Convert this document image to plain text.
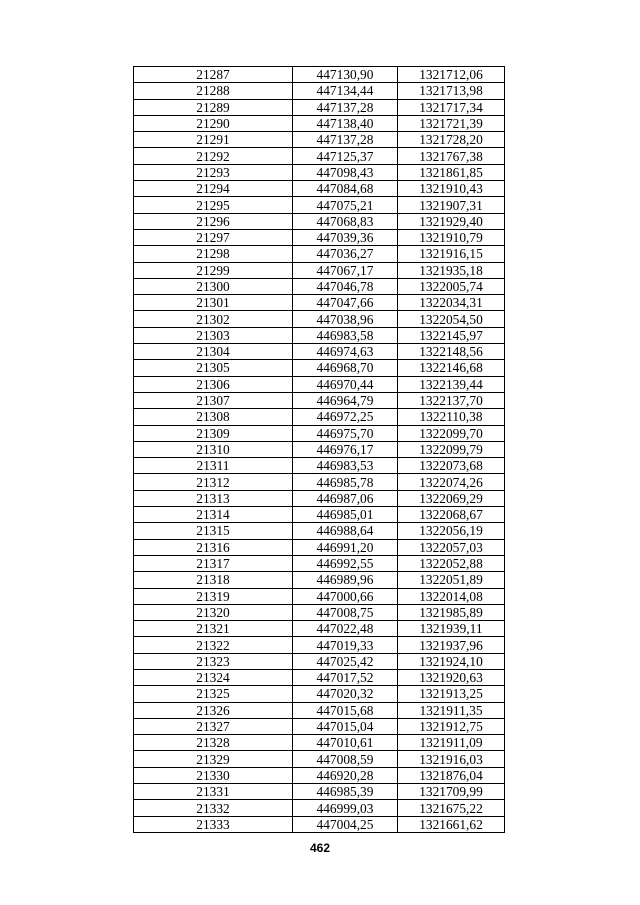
21287	447130,90	1321712,06
21288	447134,44	1321713,98
21289	447137,28	1321717,34
21290	447138,40	1321721,39
21291	447137,28	1321728,20
21292	447125,37	1321767,38
21293	447098,43	1321861,85
21294	447084,68	1321910,43
21295	447075,21	1321907,31
21296	447068,83	1321929,40
21297	447039,36	1321910,79
21298	447036,27	1321916,15
21299	447067,17	1321935,18
21300	447046,78	1322005,74
21301	447047,66	1322034,31
21302	447038,96	1322054,50
21303	446983,58	1322145,97
21304	446974,63	1322148,56
21305	446968,70	1322146,68
21306	446970,44	1322139,44
21307	446964,79	1322137,70
21308	446972,25	1322110,38
21309	446975,70	1322099,70
21310	446976,17	1322099,79
21311	446983,53	1322073,68
21312	446985,78	1322074,26
21313	446987,06	1322069,29
21314	446985,01	1322068,67
21315	446988,64	1322056,19
21316	446991,20	1322057,03
21317	446992,55	1322052,88
21318	446989,96	1322051,89
21319	447000,66	1322014,08
21320	447008,75	1321985,89
21321	447022,48	1321939,11
21322	447019,33	1321937,96
21323	447025,42	1321924,10
21324	447017,52	1321920,63
21325	447020,32	1321913,25
21326	447015,68	1321911,35
21327	447015,04	1321912,75
21328	447010,61	1321911,09
21329	447008,59	1321916,03
21330	446920,28	1321876,04
21331	446985,39	1321709,99
21332	446999,03	1321675,22
21333	447004,25	1321661,62
462
